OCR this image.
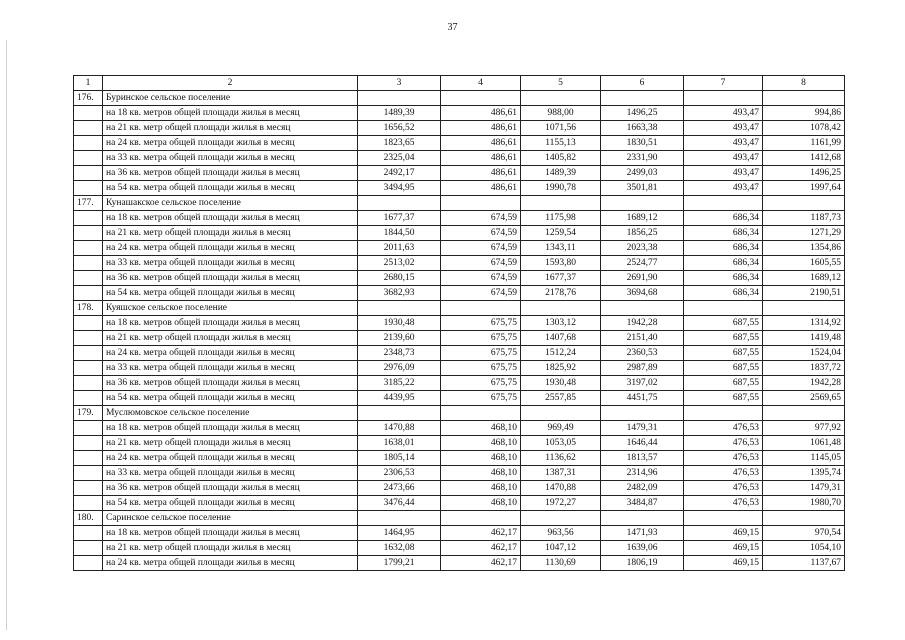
37
1	2	3	4	5	6	7	8
176.	Буринское сельское поселение						
	на 18 кв. метров общей площади жилья в месяц	1489,39	486,61	988,00	1496,25	493,47	994,86
	на 21 кв. метр общей площади жилья в месяц	1656,52	486,61	1071,56	1663,38	493,47	1078,42
	на 24 кв. метра общей площади жилья в месяц	1823,65	486,61	1155,13	1830,51	493,47	1161,99
	на 33 кв. метра общей площади жилья в месяц	2325,04	486,61	1405,82	2331,90	493,47	1412,68
	на 36 кв. метров общей площади жилья в месяц	2492,17	486,61	1489,39	2499,03	493,47	1496,25
	на 54 кв. метра общей площади жилья в месяц	3494,95	486,61	1990,78	3501,81	493,47	1997,64
177.	Кунашакское сельское поселение						
	на 18 кв. метров общей площади жилья в месяц	1677,37	674,59	1175,98	1689,12	686,34	1187,73
	на 21 кв. метр общей площади жилья в месяц	1844,50	674,59	1259,54	1856,25	686,34	1271,29
	на 24 кв. метра общей площади жилья в месяц	2011,63	674,59	1343,11	2023,38	686,34	1354,86
	на 33 кв. метра общей площади жилья в месяц	2513,02	674,59	1593,80	2524,77	686,34	1605,55
	на 36 кв. метров общей площади жилья в месяц	2680,15	674,59	1677,37	2691,90	686,34	1689,12
	на 54 кв. метра общей площади жилья в месяц	3682,93	674,59	2178,76	3694,68	686,34	2190,51
178.	Куяшское сельское поселение						
	на 18 кв. метров общей площади жилья в месяц	1930,48	675,75	1303,12	1942,28	687,55	1314,92
	на 21 кв. метр общей площади жилья в месяц	2139,60	675,75	1407,68	2151,40	687,55	1419,48
	на 24 кв. метра общей площади жилья в месяц	2348,73	675,75	1512,24	2360,53	687,55	1524,04
	на 33 кв. метра общей площади жилья в месяц	2976,09	675,75	1825,92	2987,89	687,55	1837,72
	на 36 кв. метров общей площади жилья в месяц	3185,22	675,75	1930,48	3197,02	687,55	1942,28
	на 54 кв. метра общей площади жилья в месяц	4439,95	675,75	2557,85	4451,75	687,55	2569,65
179.	Муслюмовское сельское поселение						
	на 18 кв. метров общей площади жилья в месяц	1470,88	468,10	969,49	1479,31	476,53	977,92
	на 21 кв. метр общей площади жилья в месяц	1638,01	468,10	1053,05	1646,44	476,53	1061,48
	на 24 кв. метра общей площади жилья в месяц	1805,14	468,10	1136,62	1813,57	476,53	1145,05
	на 33 кв. метра общей площади жилья в месяц	2306,53	468,10	1387,31	2314,96	476,53	1395,74
	на 36 кв. метров общей площади жилья в месяц	2473,66	468,10	1470,88	2482,09	476,53	1479,31
	на 54 кв. метра общей площади жилья в месяц	3476,44	468,10	1972,27	3484,87	476,53	1980,70
180.	Саринское сельское поселение						
	на 18 кв. метров общей площади жилья в месяц	1464,95	462,17	963,56	1471,93	469,15	970,54
	на 21 кв. метр общей площади жилья в месяц	1632,08	462,17	1047,12	1639,06	469,15	1054,10
	на 24 кв. метра общей площади жилья в месяц	1799,21	462,17	1130,69	1806,19	469,15	1137,67
